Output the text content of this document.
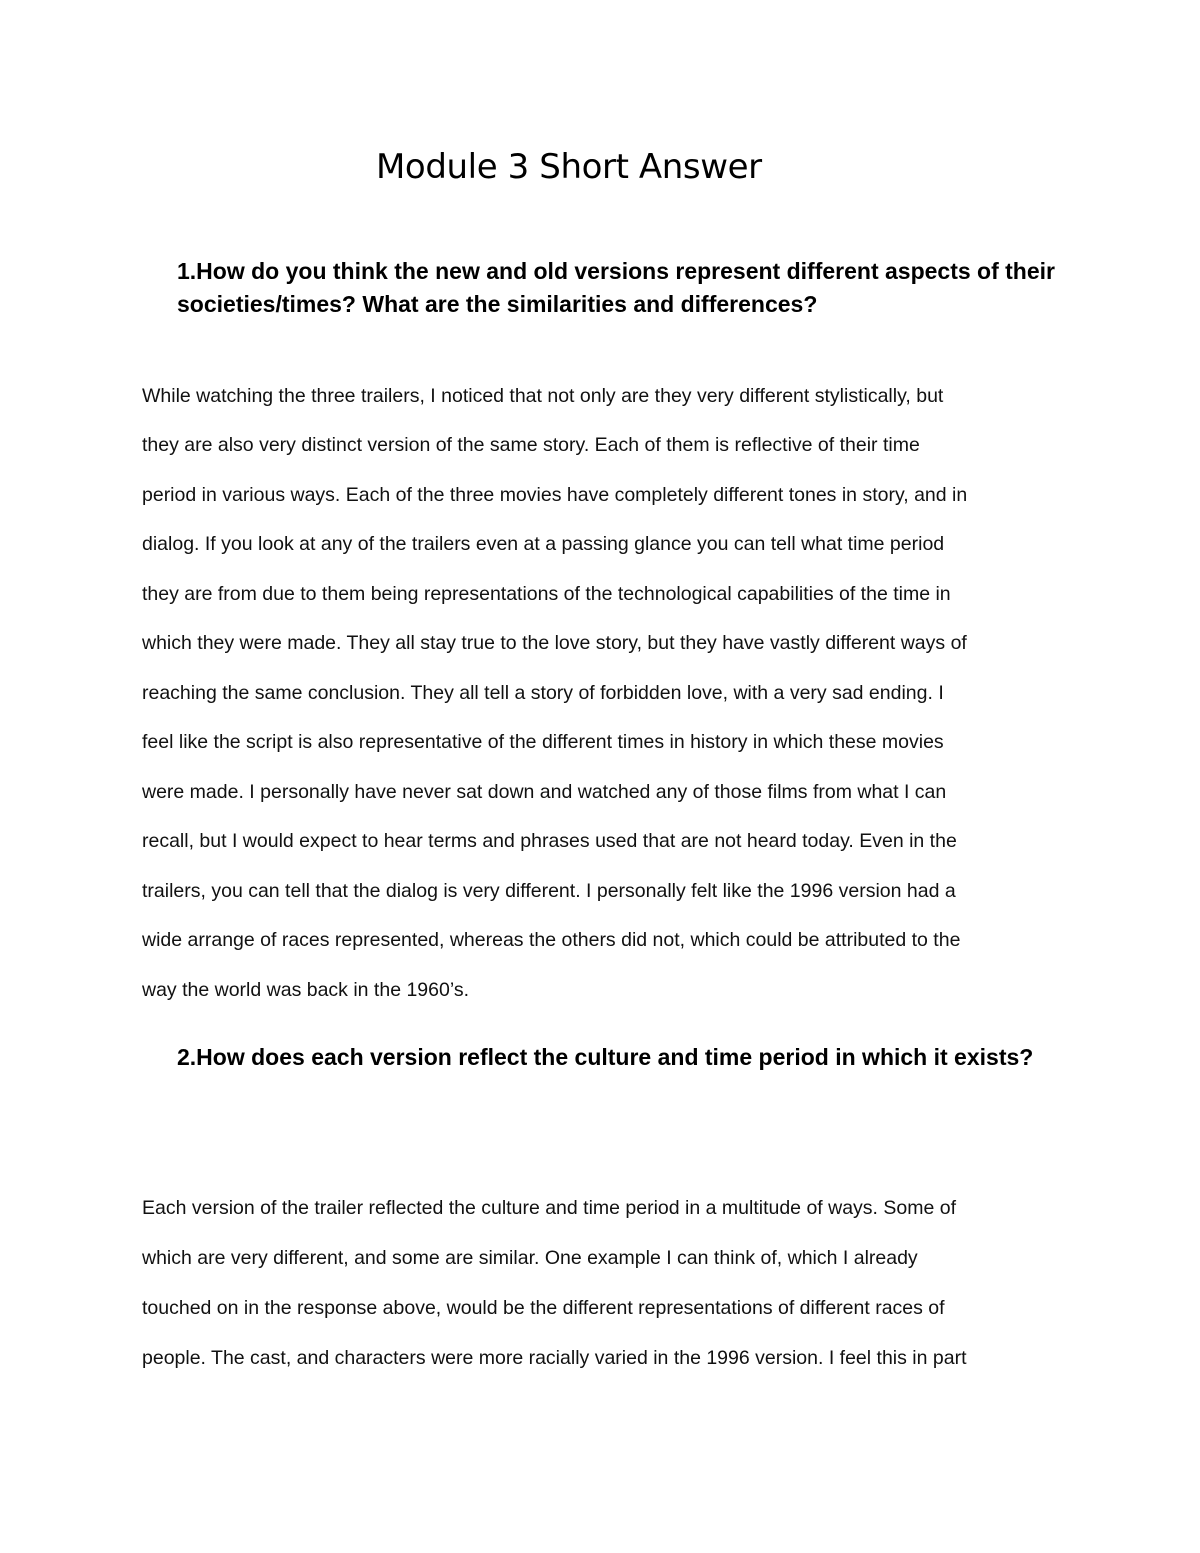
Module 3 Short Answer
1.How do you think the new and old versions represent different aspects of their societies/times? What are the similarities and differences?

While watching the three trailers, I noticed that not only are they very different stylistically, but

they are also very distinct version of the same story. Each of them is reflective of their time

period in various ways. Each of the three movies have completely different tones in story, and in

dialog. If you look at any of the trailers even at a passing glance you can tell what time period

they are from due to them being representations of the technological capabilities of the time in

which they were made. They all stay true to the love story, but they have vastly different ways of

reaching the same conclusion. They all tell a story of forbidden love, with a very sad ending. I

feel like the script is also representative of the different times in history in which these movies

were made. I personally have never sat down and watched any of those films from what I can

recall, but I would expect to hear terms and phrases used that are not heard today. Even in the

trailers, you can tell that the dialog is very different. I personally felt like the 1996 version had a

wide arrange of races represented, whereas the others did not, which could be attributed to the

way the world was back in the 1960’s.

2.How does each version reflect the culture and time period in which it exists?

Each version of the trailer reflected the culture and time period in a multitude of ways. Some of

which are very different, and some are similar. One example I can think of, which I already

touched on in the response above, would be the different representations of different races of

people. The cast, and characters were more racially varied in the 1996 version. I feel this in part
